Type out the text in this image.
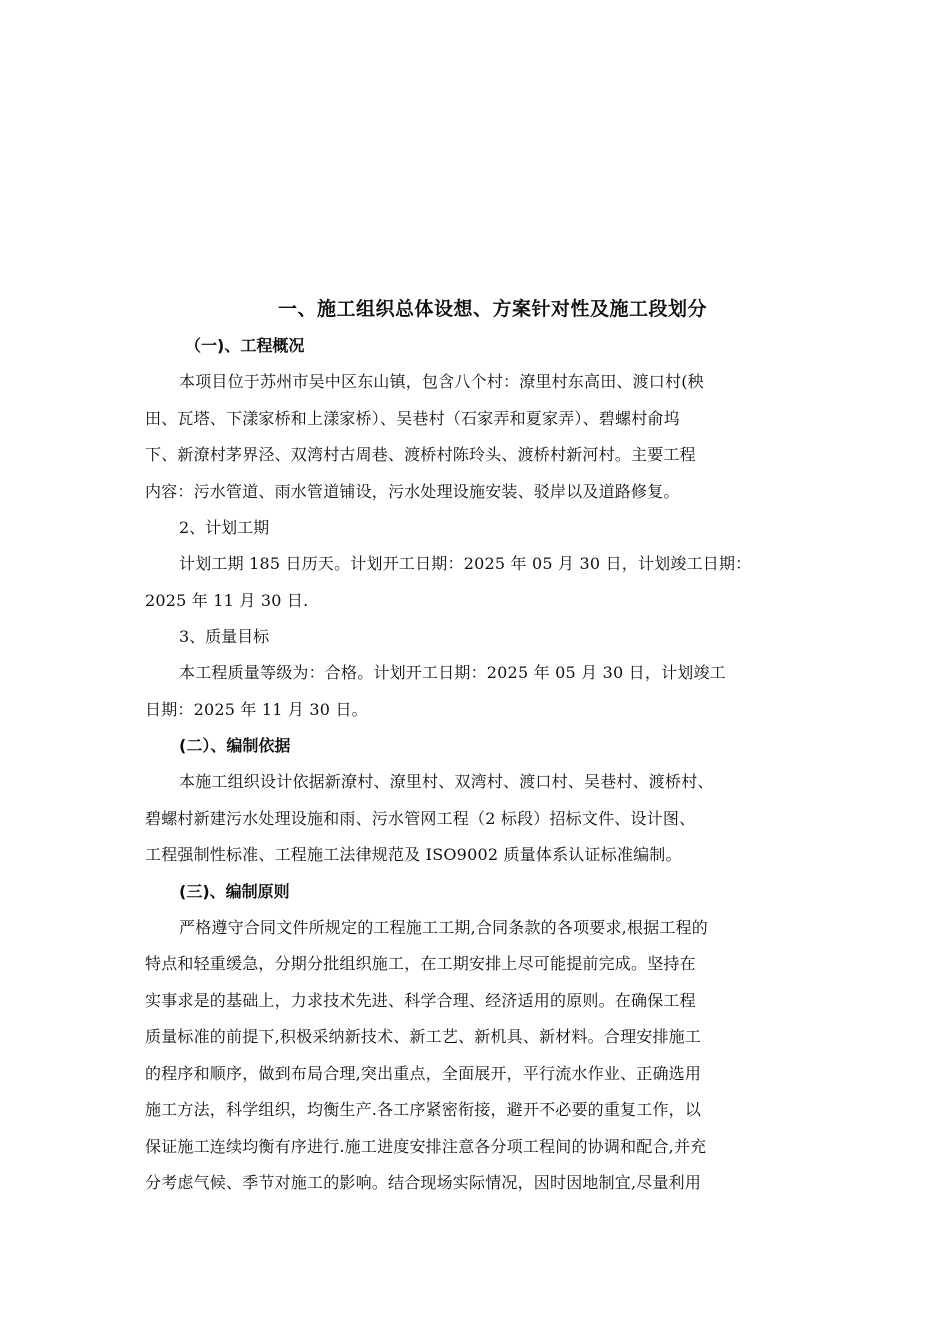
一、施工组织总体设想、方案针对性及施工段划分
（一)、工程概况

本项目位于苏州市吴中区东山镇，包含八个村：潦里村东高田、渡口村(秧
田、瓦塔、下漾家桥和上漾家桥）、吴巷村（石家弄和夏家弄）、碧螺村俞坞
下、新潦村茅界泾、双湾村古周巷、渡桥村陈玲头、渡桥村新河村。主要工程
内容：污水管道、雨水管道铺设，污水处理设施安装、驳岸以及道路修复。

2、计划工期

计划工期 185 日历天。计划开工日期：2025 年 05 月 30 日，计划竣工日期：
2025 年 11 月 30 日.

3、质量目标

本工程质量等级为：合格。计划开工日期：2025 年 05 月 30 日，计划竣工
日期：2025 年 11 月 30 日。

(二）、编制依据

本施工组织设计依据新潦村、潦里村、双湾村、渡口村、吴巷村、渡桥村、
碧螺村新建污水处理设施和雨、污水管网工程（2 标段）招标文件、设计图、
工程强制性标准、工程施工法律规范及 ISO9002 质量体系认证标准编制。

(三)、编制原则

严格遵守合同文件所规定的工程施工工期,合同条款的各项要求,根据工程的
特点和轻重缓急，分期分批组织施工，在工期安排上尽可能提前完成。坚持在
实事求是的基础上，力求技术先进、科学合理、经济适用的原则。在确保工程
质量标准的前提下,积极采纳新技术、新工艺、新机具、新材料。合理安排施工
的程序和顺序，做到布局合理,突出重点，全面展开，平行流水作业、正确选用
施工方法，科学组织，均衡生产.各工序紧密衔接，避开不必要的重复工作，以
保证施工连续均衡有序进行.施工进度安排注意各分项工程间的协调和配合,并充
分考虑气候、季节对施工的影响。结合现场实际情况，因时因地制宜,尽量利用
